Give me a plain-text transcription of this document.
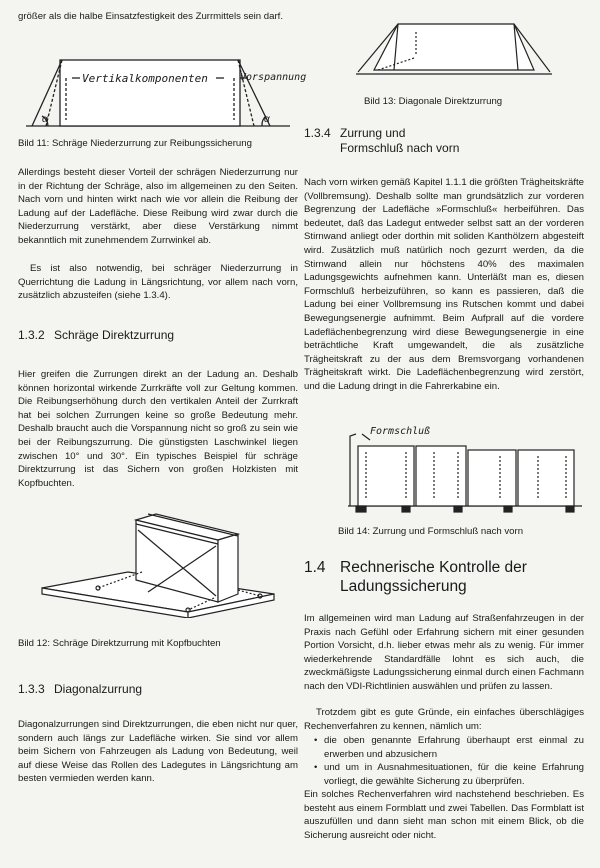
größer als die halbe Einsatzfestigkeit des Zurrmittels sein darf.

Vertikalkomponenten	Vorspannung
α	α

Bild 11: Schräge Niederzurrung zur Reibungssicherung

Allerdings besteht dieser Vorteil der schrägen Niederzurrung nur in der Richtung der Schräge, also im allgemeinen zu den Seiten. Nach vorn und hinten wirkt nach wie vor allein die Reibung der Ladung auf der Ladefläche. Diese Reibung wird zwar durch die Niederzurrung verstärkt, aber diese Verstärkung nimmt bekanntlich mit zunehmendem Zurrwinkel ab.

Es ist also notwendig, bei schräger Niederzurrung in Querrichtung die Ladung in Längsrichtung, vor allem nach vorn, zusätzlich abzusteifen (siehe 1.3.4).

1.3.2 Schräge Direktzurrung

Hier greifen die Zurrungen direkt an der Ladung an. Deshalb können horizontal wirkende Zurrkräfte voll zur Geltung kommen. Die Reibungserhöhung durch den vertikalen Anteil der Zurrkraft hat bei solchen Zurrungen keine so große Bedeutung mehr. Deshalb braucht auch die Vorspannung nicht so groß zu sein wie bei der Reibungszurrung. Die günstigsten Laschwinkel liegen zwischen 10° und 30°. Ein typisches Beispiel für schräge Direktzurrung ist das Sichern von großen Holzkisten mit Kopfbuchten.

Bild 12: Schräge Direktzurrung mit Kopfbuchten

1.3.3 Diagonalzurrung

Diagonalzurrungen sind Direktzurrungen, die eben nicht nur quer, sondern auch längs zur Ladefläche wirken. Sie sind vor allem beim Sichern von Fahrzeugen als Ladung von Bedeutung, weil auf diese Weise das Rollen des Ladegutes in Längsrichtung am besten vermieden werden kann.

Bild 13: Diagonale Direktzurrung

1.3.4 Zurrung und
Formschluß nach vorn

Nach vorn wirken gemäß Kapitel 1.1.1 die größten Trägheitskräfte (Vollbremsung). Deshalb sollte man grundsätzlich zur vorderen Begrenzung der Ladefläche »Formschluß« herbeiführen. Das bedeutet, daß das Ladegut entweder selbst satt an der vorderen Stirnwand anliegt oder dorthin mit soliden Kanthölzern abgesteift wird. Zusätzlich muß natürlich noch gezurrt werden, da die Stirnwand allein nur höchstens 40% des maximalen Ladungsgewichts aufnehmen kann. Unterläßt man es, diesen Formschluß herbeizuführen, so kann es passieren, daß die Ladung bei einer Vollbremsung ins Rutschen kommt und dabei Bewegungsenergie aufnimmt. Beim Aufprall auf die vordere Ladeflächenbegrenzung wird diese Bewegungsenergie in eine beträchtliche Kraft umgewandelt, die als zusätzliche Trägheitskraft zu der aus dem Bremsvorgang vorhandenen Trägheitskraft wirkt. Die Ladeflächenbegrenzung wird zerstört, und die Ladung dringt in die Fahrerkabine ein.

Formschluß

Bild 14: Zurrung und Formschluß nach vorn

1.4 Rechnerische Kontrolle der
Ladungssicherung

Im allgemeinen wird man Ladung auf Straßenfahrzeugen in der Praxis nach Gefühl oder Erfahrung sichern mit einer gesunden Portion Vorsicht, d.h. lieber etwas mehr als zu wenig. Für immer wiederkehrende Standardfälle lohnt es sich auch, die zweckmäßigste Ladungssicherung einmal durch einen Fachmann nach den VDI-Richtlinien auswählen und prüfen zu lassen.

Trotzdem gibt es gute Gründe, ein einfaches überschlägiges Rechenverfahren zu kennen, nämlich um:

• die oben genannte Erfahrung überhaupt erst einmal zu erwerben und abzusichern
• und um in Ausnahmesituationen, für die keine Erfahrung vorliegt, die gewählte Sicherung zu überprüfen.

Ein solches Rechenverfahren wird nachstehend beschrieben. Es besteht aus einem Formblatt und zwei Tabellen. Das Formblatt ist auszufüllen und dann sieht man schon mit einem Blick, ob die Sicherung ausreicht oder nicht.
